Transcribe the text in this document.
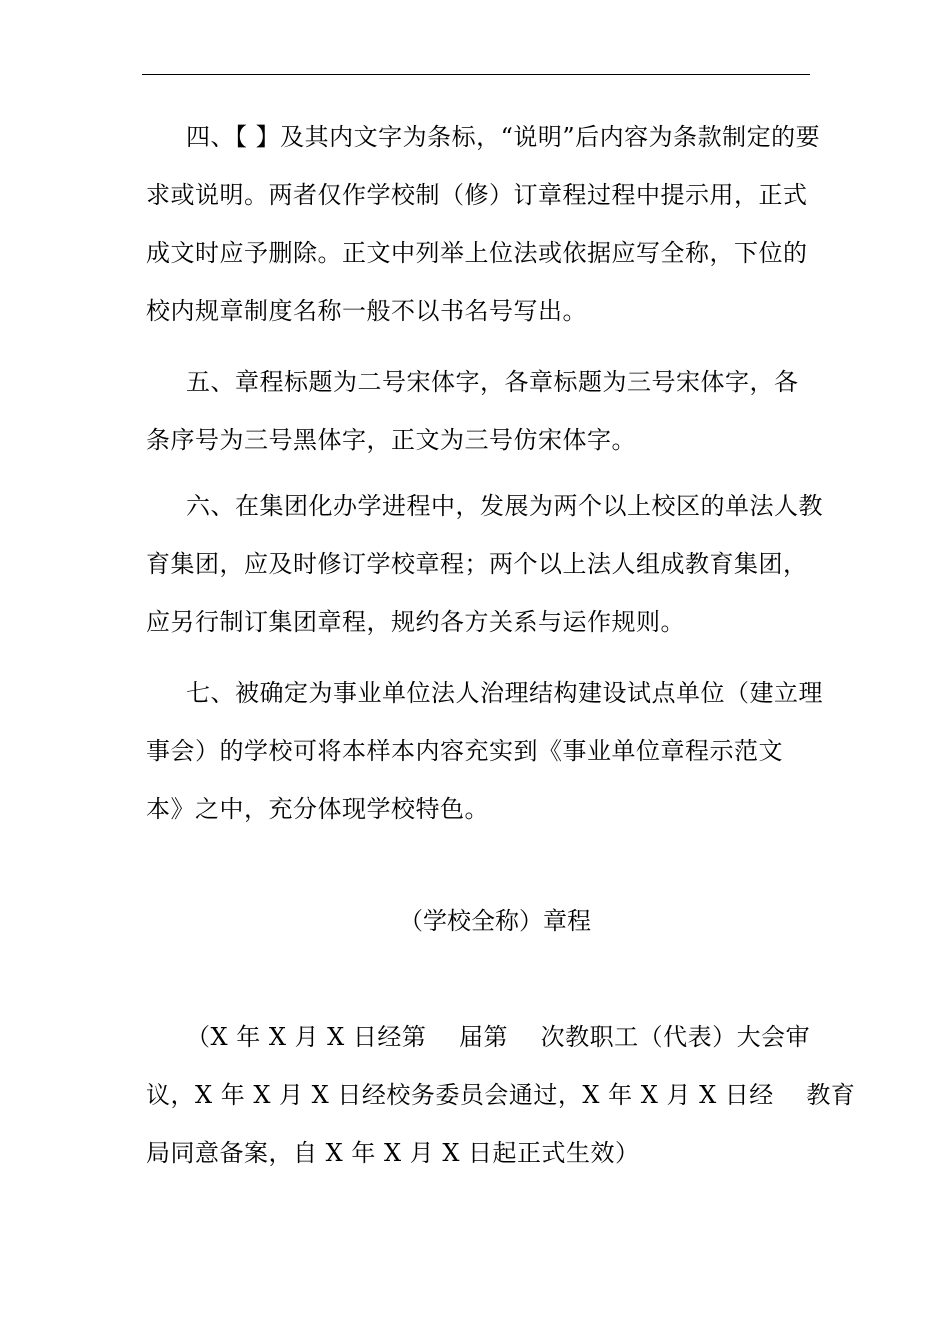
四、【 】及其内文字为条标，“说明”后内容为条款制定的要
求或说明。两者仅作学校制（修）订章程过程中提示用，正式
成文时应予删除。正文中列举上位法或依据应写全称，下位的
校内规章制度名称一般不以书名号写出。
五、章程标题为二号宋体字，各章标题为三号宋体字，各
条序号为三号黑体字，正文为三号仿宋体字。
六、在集团化办学进程中，发展为两个以上校区的单法人教
育集团，应及时修订学校章程；两个以上法人组成教育集团，
应另行制订集团章程，规约各方关系与运作规则。
七、被确定为事业单位法人治理结构建设试点单位（建立理
事会）的学校可将本样本内容充实到《事业单位章程示范文
本》之中，充分体现学校特色。
（学校全称）章程
（X 年 X 月 X 日经第　 届第　 次教职工（代表）大会审
议，X 年 X 月 X 日经校务委员会通过，X 年 X 月 X 日经　 教育
局同意备案，自 X 年 X 月 X 日起正式生效）
